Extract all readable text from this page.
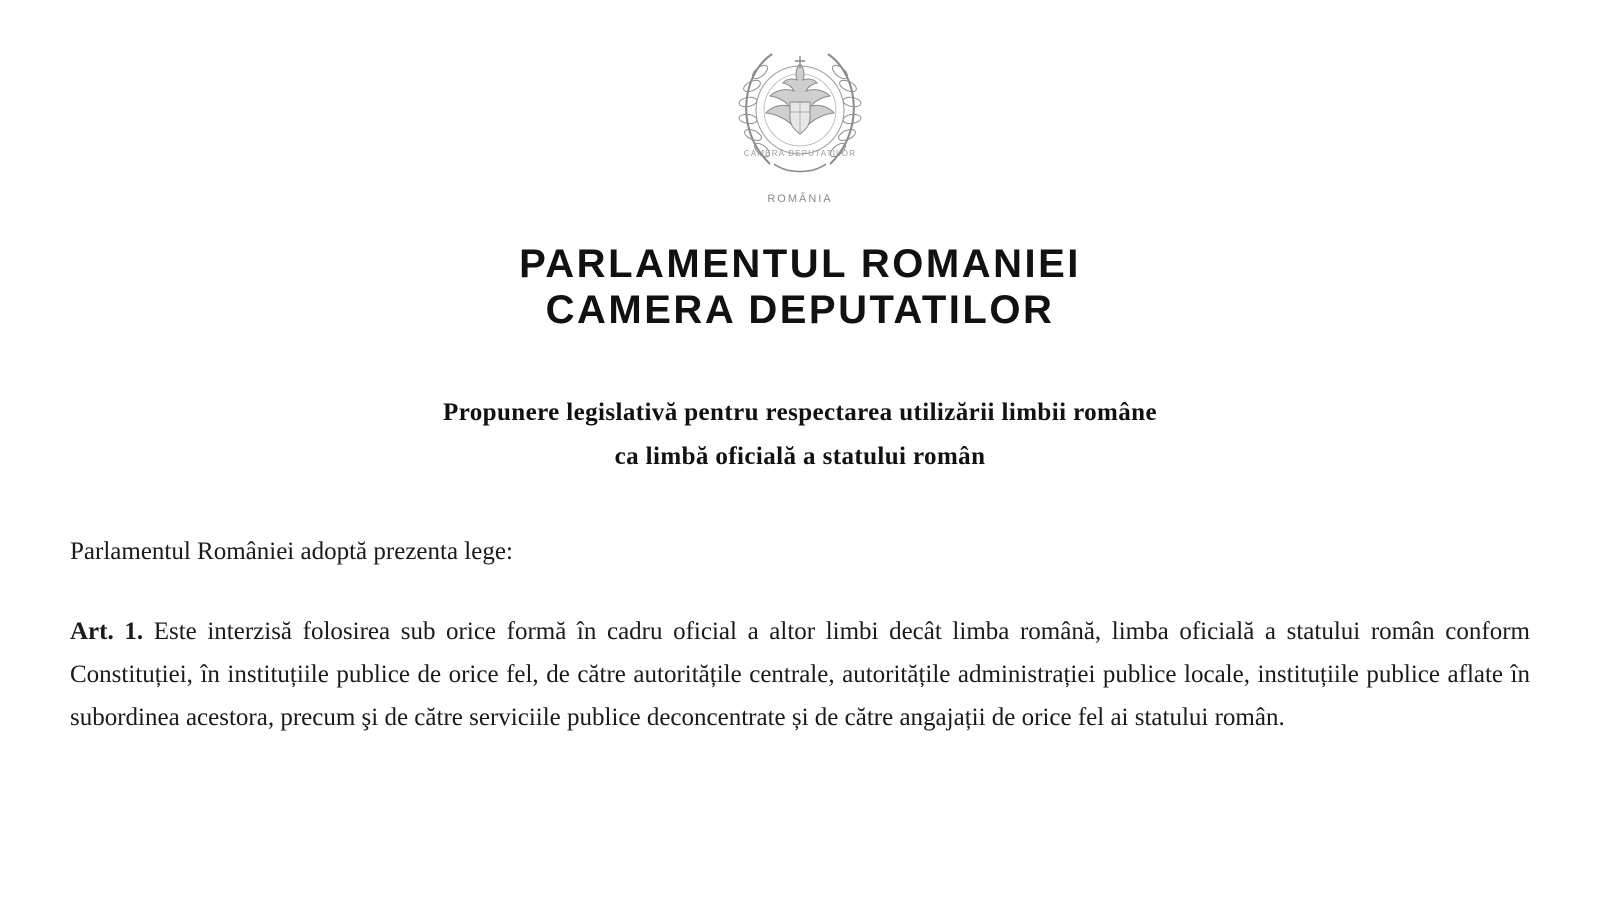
CAMERA DEPUTATILOR
ROMÂNIA
PARLAMENTUL ROMANIEI
CAMERA DEPUTATILOR
Propunere legislativă pentru respectarea utilizării limbii române
ca limbă oficială a statului român

Parlamentul României adoptă prezenta lege:

Art. 1. Este interzisă folosirea sub orice formă în cadru oficial a altor limbi decât limba română, limba oficială a statului român conform Constituției, în instituțiile publice de orice fel, de către autoritățile centrale, autoritățile administrației publice locale, instituțiile publice aflate în subordinea acestora, precum şi de către serviciile publice deconcentrate și de către angajații de orice fel ai statului român.
